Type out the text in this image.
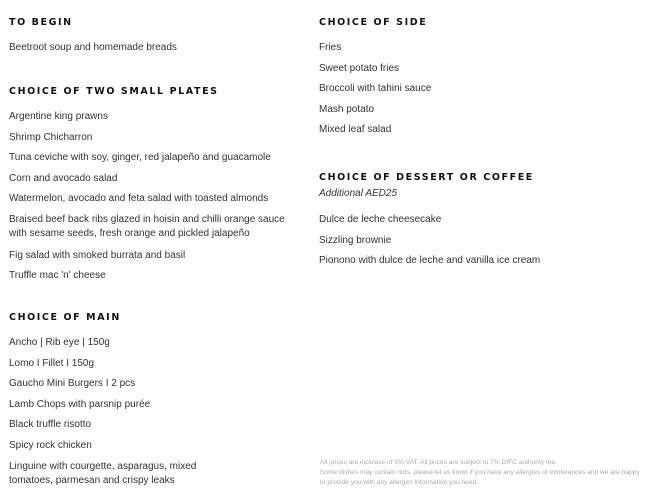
TO BEGIN
Beetroot soup and homemade breads
CHOICE OF TWO SMALL PLATES
Argentine king prawns
Shrimp Chicharron
Tuna ceviche with soy, ginger, red jalapeño and guacamole
Corn and avocado salad
Watermelon, avocado and feta salad with toasted almonds
Braised beef back ribs glazed in hoisin and chilli orange sauce with sesame seeds, fresh orange and pickled jalapeño
Fig salad with smoked burrata and basil
Truffle mac 'n' cheese
CHOICE OF MAIN
Ancho | Rib eye | 150g
Lomo I Fillet I 150g
Gaucho Mini Burgers I 2 pcs
Lamb Chops with parsnip purée
Black truffle risotto
Spicy rock chicken
Linguine with courgette, asparagus, mixed tomatoes, parmesan and crispy leaks
CHOICE OF SIDE
Fries
Sweet potato fries
Broccoli with tahini sauce
Mash potato
Mixed leaf salad
CHOICE OF DESSERT OR COFFEE
Additional AED25
Dulce de leche cheesecake
Sizzling brownie
Pionono with dulce de leche and vanilla ice cream
All prices are inclusive of 5% VAT. All prices are subject to 7% DIFC authority fee.
Some dishes may contain nuts, please let us know if you have any allergies or intolerances and we are happy to provide you with any allergen information you need.
